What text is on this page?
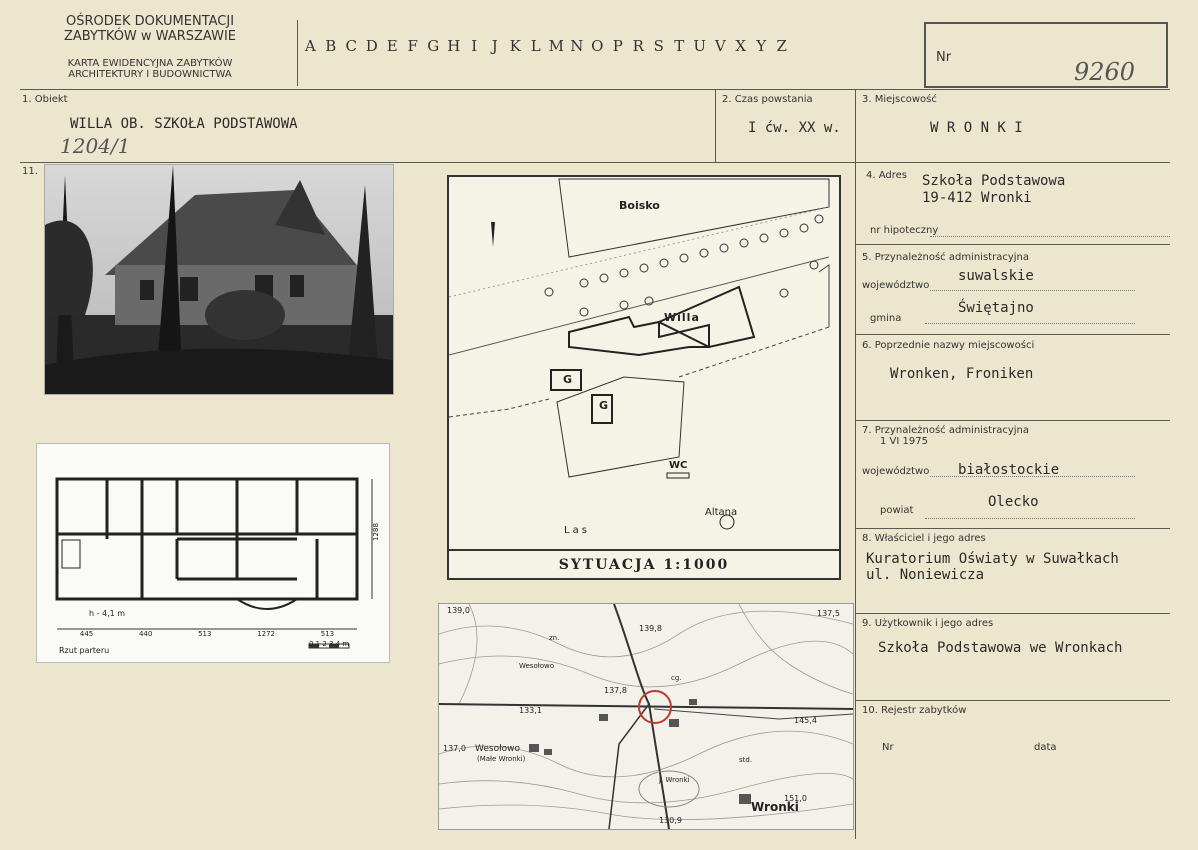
OŚRODEK DOKUMENTACJI
ZABYTKÓW w WARSZAWIE
KARTA EWIDENCYJNA ZABYTKÓW
ARCHITEKTURY I BUDOWNICTWA
A B C D E F G H I J K L M N O P R S T U V X Y Z
Nr
9260
1. Obiekt
WILLA OB. SZKOŁA PODSTAWOWA
1204/1
2. Czas powstania
I ćw. XX w.
3. Miejscowość
W R O N K I
11.
h - 4,1 m
445	440	513	1272	513
Rzut parteru
0 1 2 3 4 m
1288
Boisko
Willa
G
G
WC
Altana
Las
SYTUACJA 1:1000
139,0
139,8
137,5
137,8
133,1
145,4
137,0 Wesołowo
(Małe Wronki)
Wronki
J. Wronki
130,9
151,0
Wesołowo
cg.
std.
zn.
4. Adres Szkoła Podstawowa
19-412 Wronki
nr hipoteczny
5. Przynależność administracyjna
województwo
suwalskie
gmina
Świętajno
6. Poprzednie nazwy miejscowości
Wronken, Froniken
7. Przynależność administracyjna
1 VI 1975
województwo białostockie
powiat
Olecko
8. Właściciel i jego adres
Kuratorium Oświaty w Suwałkach
ul. Noniewicza
9. Użytkownik i jego adres
Szkoła Podstawowa we Wronkach
10. Rejestr zabytków
Nr	data
